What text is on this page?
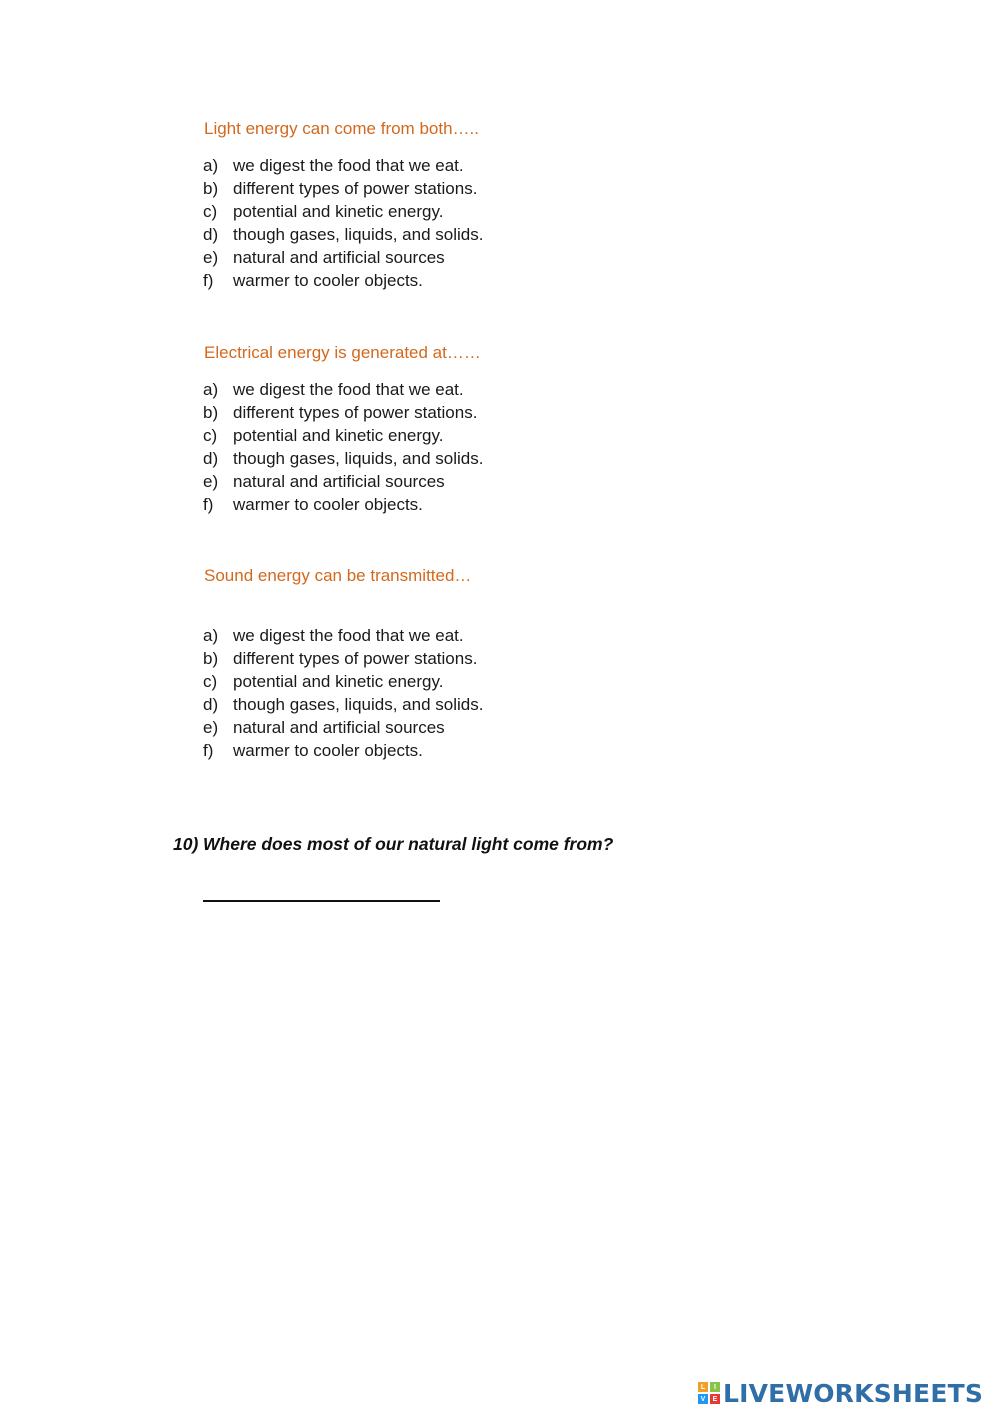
Light energy can come from both…..

a) we digest the food that we eat.
b) different types of power stations.
c) potential and kinetic energy.
d) though gases, liquids, and solids.
e) natural and artificial sources
f) warmer to cooler objects.

Electrical energy is generated at……

a) we digest the food that we eat.
b) different types of power stations.
c) potential and kinetic energy.
d) though gases, liquids, and solids.
e) natural and artificial sources
f) warmer to cooler objects.

Sound energy can be transmitted…

a) we digest the food that we eat.
b) different types of power stations.
c) potential and kinetic energy.
d) though gases, liquids, and solids.
e) natural and artificial sources
f) warmer to cooler objects.

10) Where does most of our natural light come from?

L	I
V	E LIVEWORKSHEETS
